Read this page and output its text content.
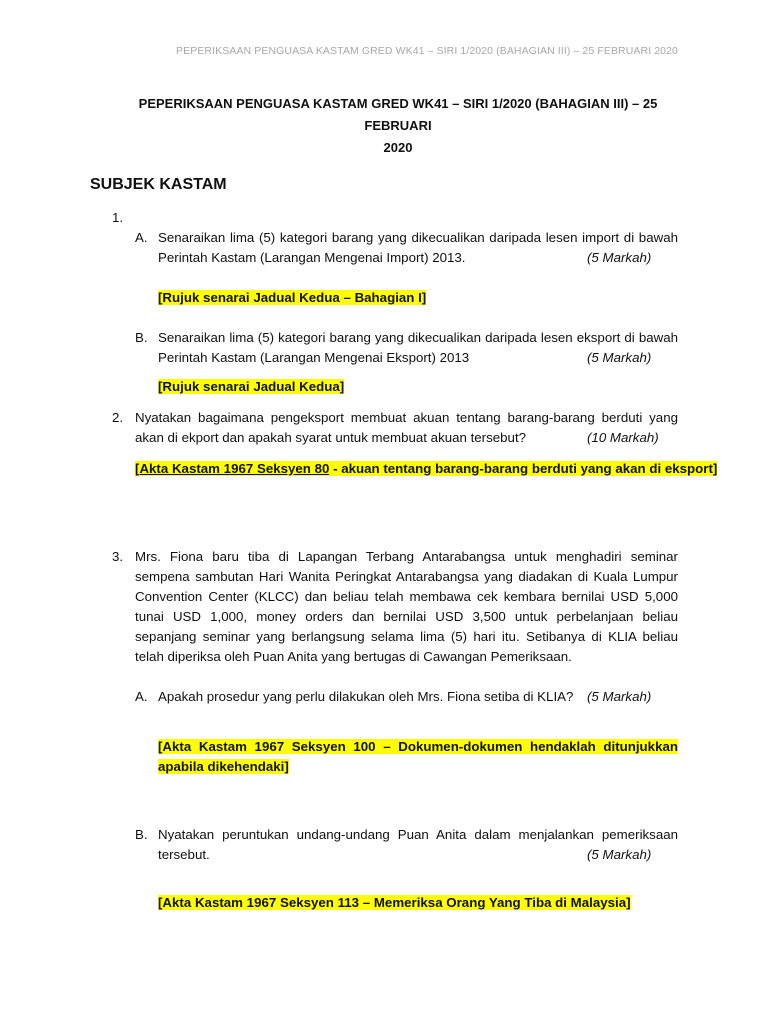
PEPERIKSAAN PENGUASA KASTAM GRED WK41 – SIRI 1/2020 (BAHAGIAN III) – 25 FEBRUARI 2020
PEPERIKSAAN PENGUASA KASTAM GRED WK41 – SIRI 1/2020 (BAHAGIAN III) – 25 FEBRUARI
2020
SUBJEK KASTAM
1.
A. Senaraikan lima (5) kategori barang yang dikecualikan daripada lesen import di bawah Perintah Kastam (Larangan Mengenai Import) 2013.	(5 Markah)
[Rujuk senarai Jadual Kedua – Bahagian I]
B. Senaraikan lima (5) kategori barang yang dikecualikan daripada lesen eksport di bawah Perintah Kastam (Larangan Mengenai Eksport) 2013	(5 Markah)
[Rujuk senarai Jadual Kedua]
2. Nyatakan bagaimana pengeksport membuat akuan tentang barang-barang berduti yang akan di ekport dan apakah syarat untuk membuat akuan tersebut?	(10 Markah)
[Akta Kastam 1967 Seksyen 80 - akuan tentang barang-barang berduti yang akan di eksport]
3. Mrs. Fiona baru tiba di Lapangan Terbang Antarabangsa untuk menghadiri seminar sempena sambutan Hari Wanita Peringkat Antarabangsa yang diadakan di Kuala Lumpur Convention Center (KLCC) dan beliau telah membawa cek kembara bernilai USD 5,000 tunai USD 1,000, money orders dan bernilai USD 3,500 untuk perbelanjaan beliau sepanjang seminar yang berlangsung selama lima (5) hari itu. Setibanya di KLIA beliau telah diperiksa oleh Puan Anita yang bertugas di Cawangan Pemeriksaan.
A. Apakah prosedur yang perlu dilakukan oleh Mrs. Fiona setiba di KLIA?	(5 Markah)
[Akta Kastam 1967 Seksyen 100 – Dokumen-dokumen hendaklah ditunjukkan apabila dikehendaki]
B. Nyatakan peruntukan undang-undang Puan Anita dalam menjalankan pemeriksaan tersebut.	(5 Markah)
[Akta Kastam 1967 Seksyen 113 – Memeriksa Orang Yang Tiba di Malaysia]
